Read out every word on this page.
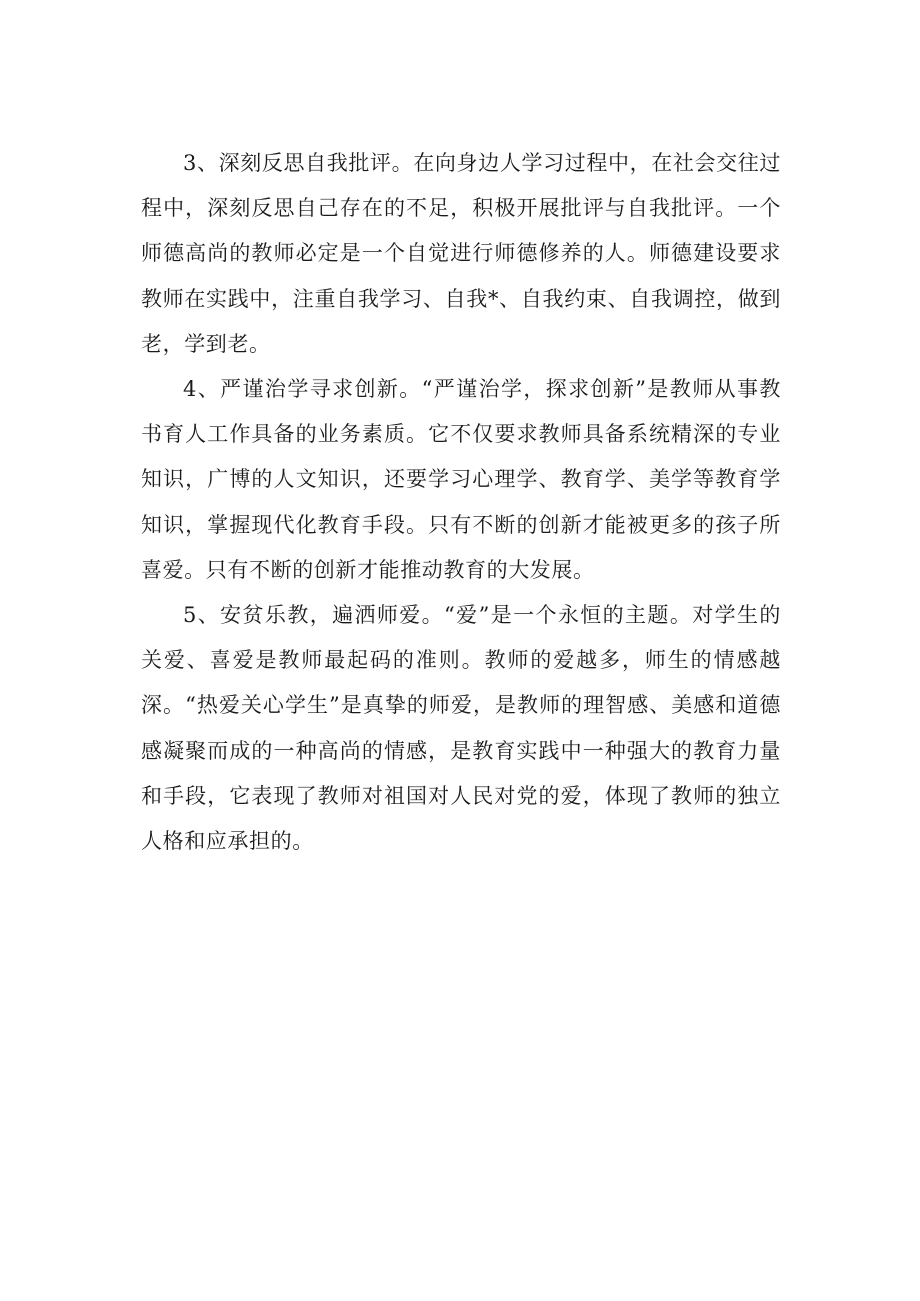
3、深刻反思自我批评。在向身边人学习过程中，在社会交往过程中，深刻反思自己存在的不足，积极开展批评与自我批评。一个师德高尚的教师必定是一个自觉进行师德修养的人。师德建设要求教师在实践中，注重自我学习、自我*、自我约束、自我调控，做到老，学到老。

4、严谨治学寻求创新。“严谨治学，探求创新”是教师从事教书育人工作具备的业务素质。它不仅要求教师具备系统精深的专业知识，广博的人文知识，还要学习心理学、教育学、美学等教育学知识，掌握现代化教育手段。只有不断的创新才能被更多的孩子所喜爱。只有不断的创新才能推动教育的大发展。

5、安贫乐教，遍洒师爱。“爱”是一个永恒的主题。对学生的关爱、喜爱是教师最起码的准则。教师的爱越多，师生的情感越深。“热爱关心学生”是真挚的师爱，是教师的理智感、美感和道德感凝聚而成的一种高尚的情感，是教育实践中一种强大的教育力量和手段，它表现了教师对祖国对人民对党的爱，体现了教师的独立人格和应承担的。
